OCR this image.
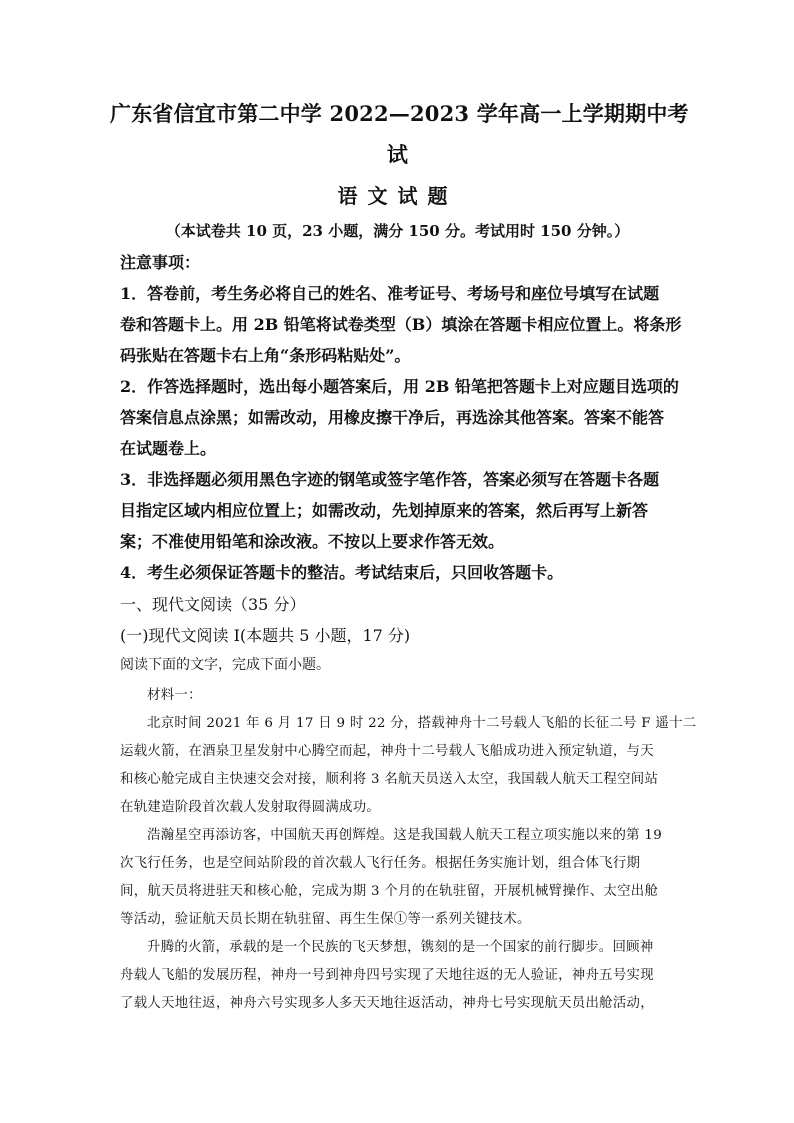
广东省信宜市第二中学 2022—2023 学年高一上学期期中考
试
语文试题
（本试卷共 10 页，23 小题，满分 150 分。考试用时 150 分钟。）
注意事项：
1．答卷前，考生务必将自己的姓名、准考证号、考场号和座位号填写在试题
卷和答题卡上。用 2B 铅笔将试卷类型（B）填涂在答题卡相应位置上。将条形
码张贴在答题卡右上角“条形码粘贴处”。
2．作答选择题时，选出每小题答案后，用 2B 铅笔把答题卡上对应题目选项的
答案信息点涂黑；如需改动，用橡皮擦干净后，再选涂其他答案。答案不能答
在试题卷上。
3．非选择题必须用黑色字迹的钢笔或签字笔作答，答案必须写在答题卡各题
目指定区域内相应位置上；如需改动，先划掉原来的答案，然后再写上新答
案；不准使用铅笔和涂改液。不按以上要求作答无效。
4．考生必须保证答题卡的整洁。考试结束后，只回收答题卡。
一、现代文阅读（35 分）
(一)现代文阅读 I(本题共 5 小题，17 分)
阅读下面的文字，完成下面小题。
材料一：
北京时间 2021 年 6 月 17 日 9 时 22 分，搭载神舟十二号载人飞船的长征二号 F 遥十二
运载火箭，在酒泉卫星发射中心腾空而起，神舟十二号载人飞船成功进入预定轨道，与天
和核心舱完成自主快速交会对接，顺利将 3 名航天员送入太空，我国载人航天工程空间站
在轨建造阶段首次载人发射取得圆满成功。
浩瀚星空再添访客，中国航天再创辉煌。这是我国载人航天工程立项实施以来的第 19
次飞行任务，也是空间站阶段的首次载人飞行任务。根据任务实施计划，组合体飞行期
间，航天员将进驻天和核心舱，完成为期 3 个月的在轨驻留，开展机械臂操作、太空出舱
等活动，验证航天员长期在轨驻留、再生生保①等一系列关键技术。
升腾的火箭，承载的是一个民族的飞天梦想，镌刻的是一个国家的前行脚步。回顾神
舟载人飞船的发展历程，神舟一号到神舟四号实现了天地往返的无人验证，神舟五号实现
了载人天地往返，神舟六号实现多人多天天地往返活动，神舟七号实现航天员出舱活动，
